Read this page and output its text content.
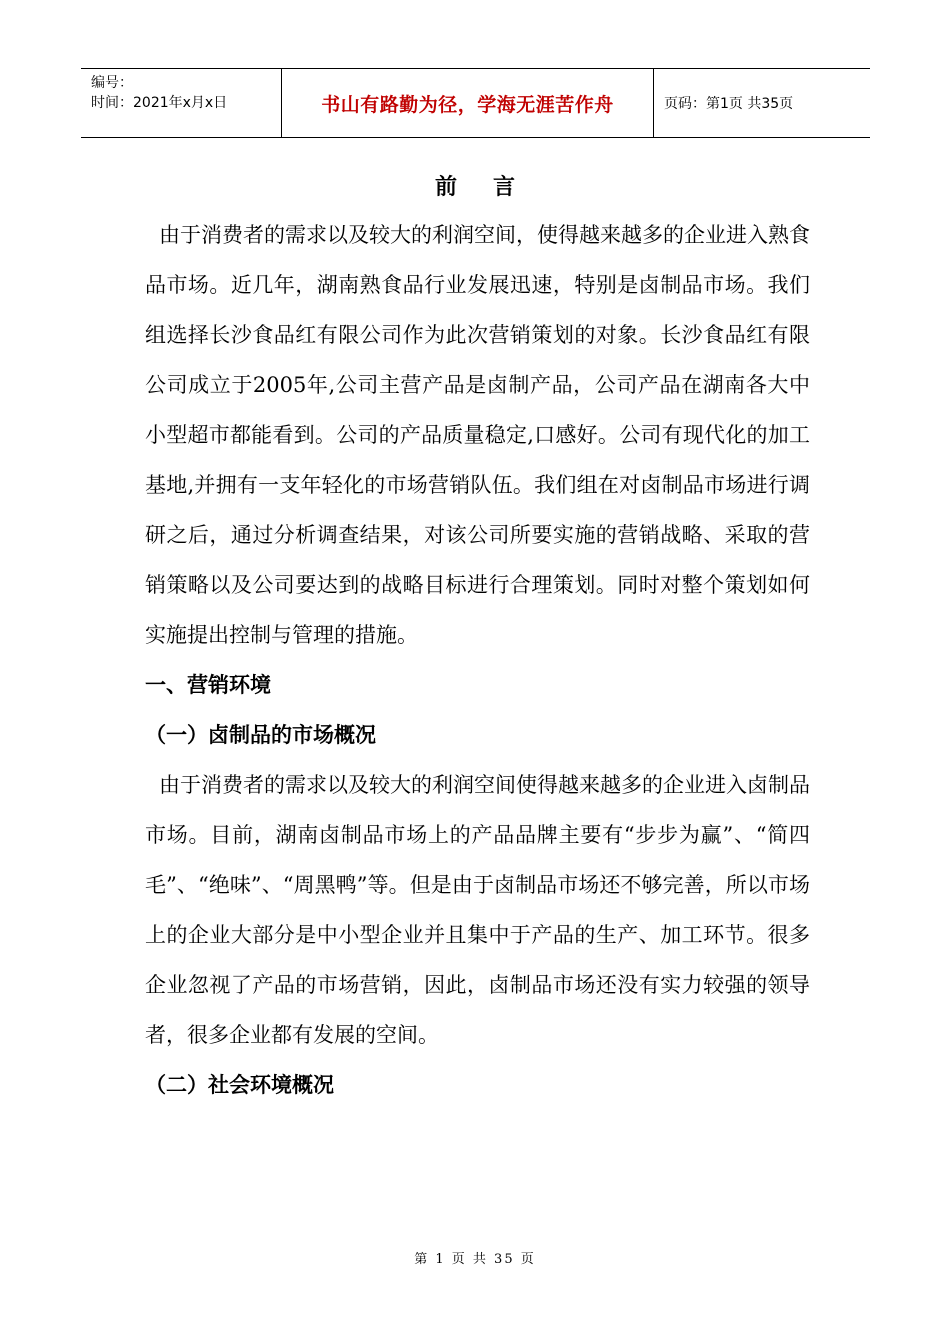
编号：
时间：2021年x月x日	书山有路勤为径，学海无涯苦作舟	页码：第1页 共35页
前言

由于消费者的需求以及较大的利润空间，使得越来越多的企业进入熟食品市场。近几年，湖南熟食品行业发展迅速，特别是卤制品市场。我们组选择长沙食品红有限公司作为此次营销策划的对象。长沙食品红有限公司成立于2005年,公司主营产品是卤制产品，公司产品在湖南各大中小型超市都能看到。公司的产品质量稳定,口感好。公司有现代化的加工基地,并拥有一支年轻化的市场营销队伍。我们组在对卤制品市场进行调研之后，通过分析调查结果，对该公司所要实施的营销战略、采取的营销策略以及公司要达到的战略目标进行合理策划。同时对整个策划如何实施提出控制与管理的措施。

一、营销环境

（一）卤制品的市场概况

由于消费者的需求以及较大的利润空间使得越来越多的企业进入卤制品市场。目前，湖南卤制品市场上的产品品牌主要有“步步为赢”、“简四毛”、“绝味”、“周黑鸭”等。但是由于卤制品市场还不够完善，所以市场上的企业大部分是中小型企业并且集中于产品的生产、加工环节。很多企业忽视了产品的市场营销，因此，卤制品市场还没有实力较强的领导者，很多企业都有发展的空间。

（二）社会环境概况

第 1 页 共 35 页
